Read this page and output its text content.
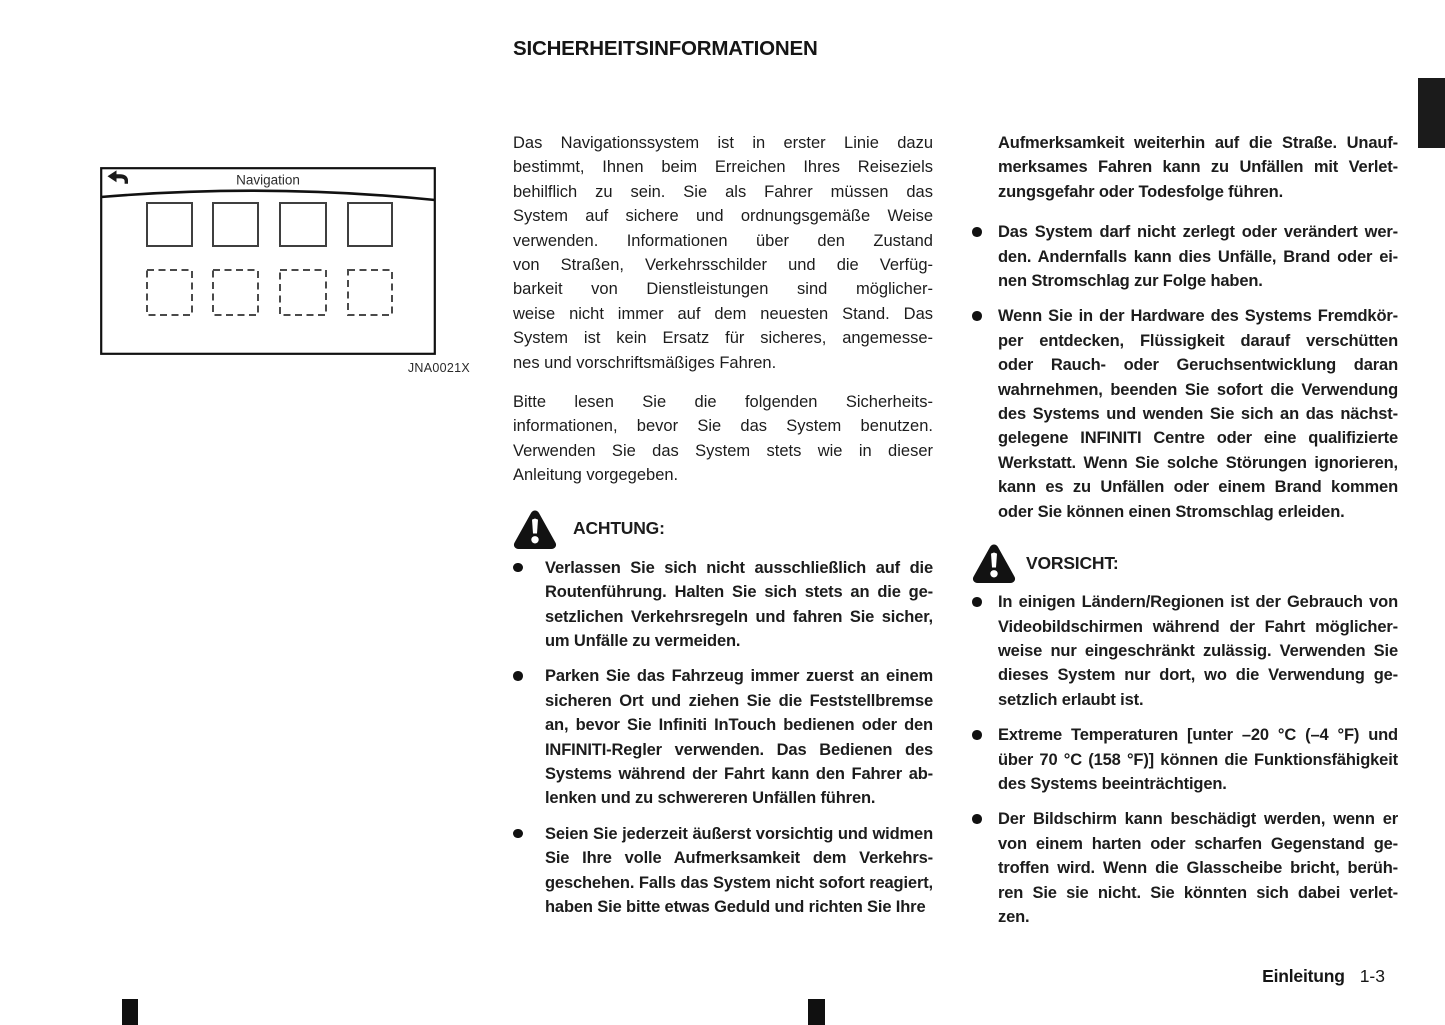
SICHERHEITSINFORMATIONEN
Navigation
JNA0021X
Das Navigationssystem ist in erster Linie dazu
bestimmt, Ihnen beim Erreichen Ihres Reiseziels
behilflich zu sein. Sie als Fahrer müssen das
System auf sichere und ordnungsgemäße Weise
verwenden. Informationen über den Zustand
von Straßen, Verkehrsschilder und die Verfüg-
barkeit von Dienstleistungen sind möglicher-
weise nicht immer auf dem neuesten Stand. Das
System ist kein Ersatz für sicheres, angemesse-
nes und vorschriftsmäßiges Fahren.
Bitte lesen Sie die folgenden Sicherheits-
informationen, bevor Sie das System benutzen.
Verwenden Sie das System stets wie in dieser
Anleitung vorgegeben.
ACHTUNG:
Verlassen Sie sich nicht ausschließlich auf die
Routenführung. Halten Sie sich stets an die ge-
setzlichen Verkehrsregeln und fahren Sie sicher,
um Unfälle zu vermeiden.
Parken Sie das Fahrzeug immer zuerst an einem
sicheren Ort und ziehen Sie die Feststellbremse
an, bevor Sie Infiniti InTouch bedienen oder den
INFINITI-Regler verwenden. Das Bedienen des
Systems während der Fahrt kann den Fahrer ab-
lenken und zu schwereren Unfällen führen.
Seien Sie jederzeit äußerst vorsichtig und widmen
Sie Ihre volle Aufmerksamkeit dem Verkehrs-
geschehen. Falls das System nicht sofort reagiert,
haben Sie bitte etwas Geduld und richten Sie Ihre
Aufmerksamkeit weiterhin auf die Straße. Unauf-
merksames Fahren kann zu Unfällen mit Verlet-
zungsgefahr oder Todesfolge führen.
Das System darf nicht zerlegt oder verändert wer-
den. Andernfalls kann dies Unfälle, Brand oder ei-
nen Stromschlag zur Folge haben.
Wenn Sie in der Hardware des Systems Fremdkör-
per entdecken, Flüssigkeit darauf verschütten
oder Rauch- oder Geruchsentwicklung daran
wahrnehmen, beenden Sie sofort die Verwendung
des Systems und wenden Sie sich an das nächst-
gelegene INFINITI Centre oder eine qualifizierte
Werkstatt. Wenn Sie solche Störungen ignorieren,
kann es zu Unfällen oder einem Brand kommen
oder Sie können einen Stromschlag erleiden.
VORSICHT:
In einigen Ländern/Regionen ist der Gebrauch von
Videobildschirmen während der Fahrt möglicher-
weise nur eingeschränkt zulässig. Verwenden Sie
dieses System nur dort, wo die Verwendung ge-
setzlich erlaubt ist.
Extreme Temperaturen [unter –20 °C (–4 °F) und
über 70 °C (158 °F)] können die Funktionsfähigkeit
des Systems beeinträchtigen.
Der Bildschirm kann beschädigt werden, wenn er
von einem harten oder scharfen Gegenstand ge-
troffen wird. Wenn die Glasscheibe bricht, berüh-
ren Sie sie nicht. Sie könnten sich dabei verlet-
zen.
Einleitung 1-3
